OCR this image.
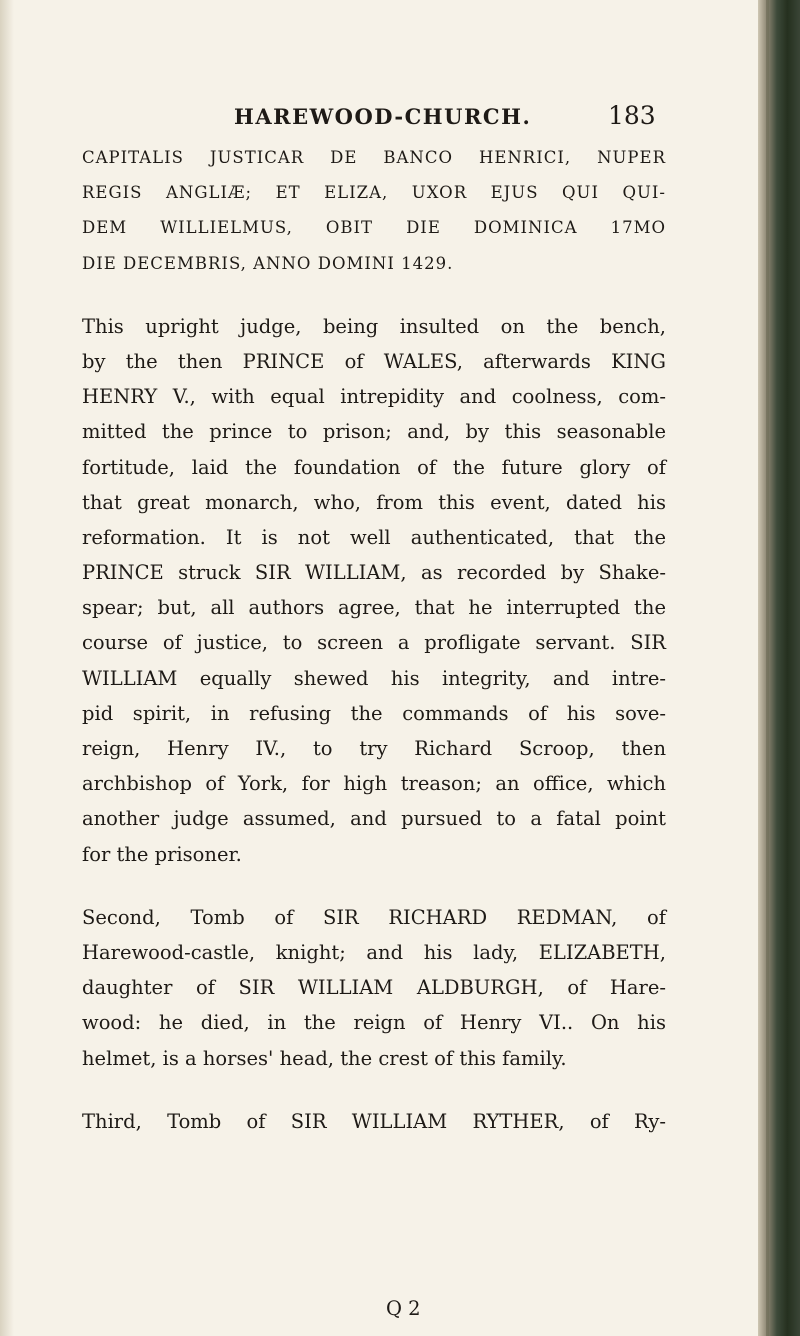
HAREWOOD-CHURCH.	183
CAPITALIS JUSTICAR DE BANCO HENRICI, NUPER
REGIS ANGLIÆ; ET ELIZA, UXOR EJUS QUI QUI-
DEM WILLIELMUS, OBIT DIE DOMINICA 17MO
DIE DECEMBRIS, ANNO DOMINI 1429.
This upright judge, being insulted on the bench,
by the then PRINCE of WALES, afterwards KING
HENRY V., with equal intrepidity and coolness, com-
mitted the prince to prison; and, by this seasonable
fortitude, laid the foundation of the future glory of
that great monarch, who, from this event, dated his
reformation. It is not well authenticated, that the
PRINCE struck SIR WILLIAM, as recorded by Shake-
spear; but, all authors agree, that he interrupted the
course of justice, to screen a profligate servant. SIR
WILLIAM equally shewed his integrity, and intre-
pid spirit, in refusing the commands of his sove-
reign, Henry IV., to try Richard Scroop, then
archbishop of York, for high treason; an office, which
another judge assumed, and pursued to a fatal point
for the prisoner.
Second, Tomb of SIR RICHARD REDMAN, of
Harewood-castle, knight; and his lady, ELIZABETH,
daughter of SIR WILLIAM ALDBURGH, of Hare-
wood: he died, in the reign of Henry VI.. On his
helmet, is a horses' head, the crest of this family.
Third, Tomb of SIR WILLIAM RYTHER, of Ry-
Q 2
